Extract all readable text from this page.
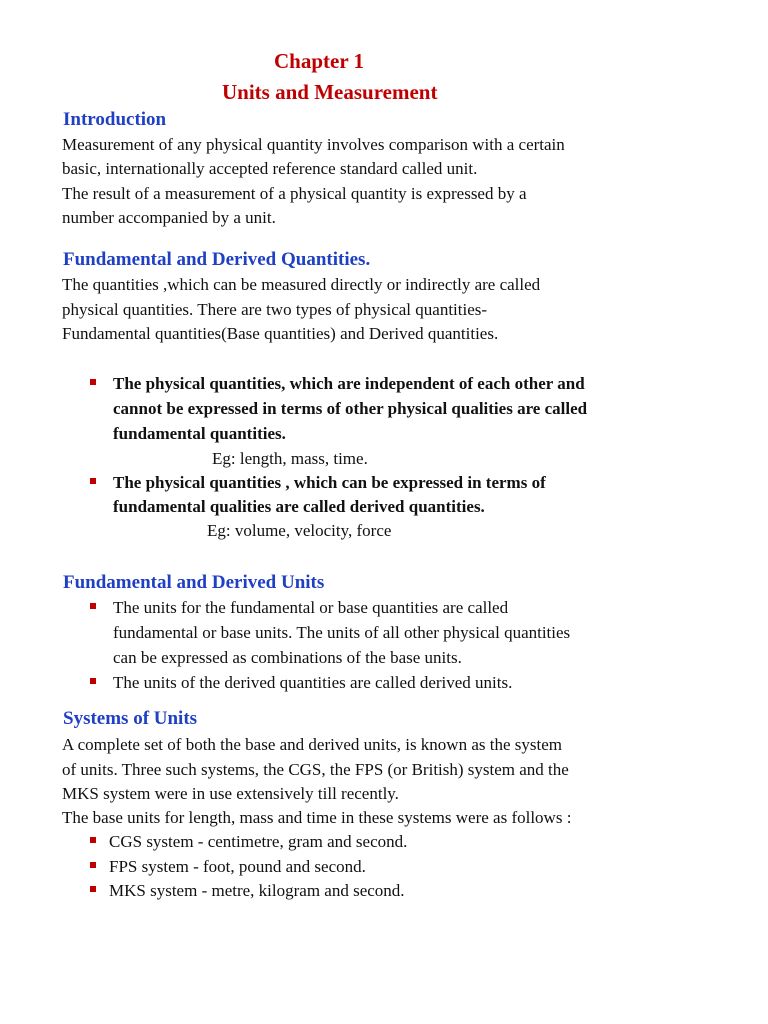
Chapter 1
Units and Measurement
Introduction
Measurement of any physical quantity involves comparison with a certain
basic, internationally accepted reference standard called unit.
The result of a measurement of a physical quantity is expressed by a
number accompanied by a unit.
Fundamental and Derived Quantities.
The quantities ,which can be measured directly or indirectly are called
physical quantities. There are two types of physical quantities-
Fundamental quantities(Base quantities) and Derived quantities.
The physical quantities, which are independent of each other and
cannot be expressed in terms of other physical qualities are called
fundamental quantities.
Eg: length, mass, time.
The physical quantities , which can be expressed in terms of
fundamental qualities are called derived quantities.
Eg: volume, velocity, force
Fundamental and Derived Units
The units for the fundamental or base quantities are called
fundamental or base units. The units of all other physical quantities
can be expressed as combinations of the base units.
The units of the derived quantities are called derived units.
Systems of Units
A complete set of both the base and derived units, is known as the system
of units. Three such systems, the CGS, the FPS (or British) system and the
MKS system were in use extensively till recently.
The base units for length, mass and time in these systems were as follows :
CGS system - centimetre, gram and second.
FPS system - foot, pound and second.
MKS system - metre, kilogram and second.
